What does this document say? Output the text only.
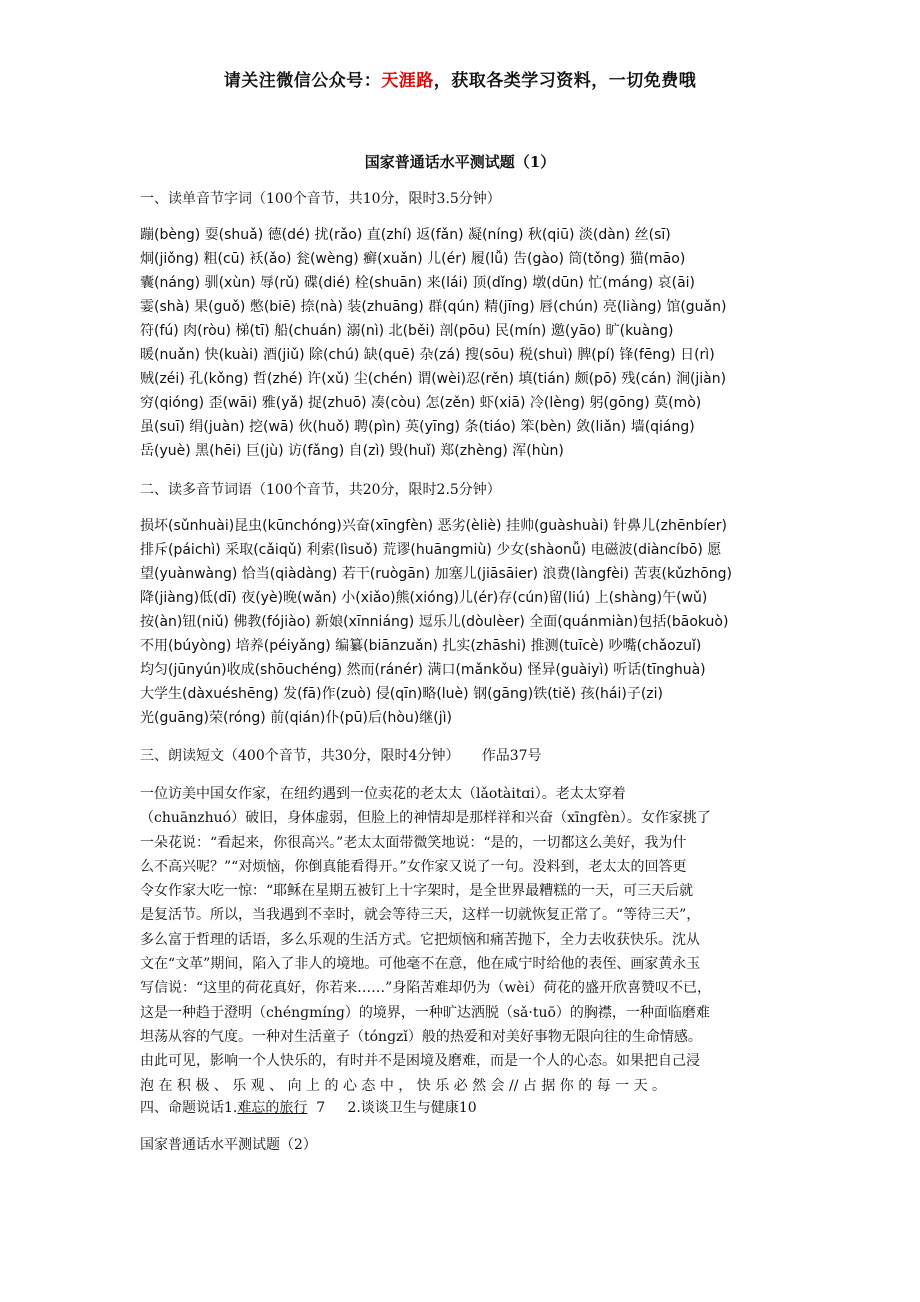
请关注微信公众号：天涯路，获取各类学习资料，一切免费哦
国家普通话水平测试题（1）
一、读单音节字词（100个音节，共10分，限时3.5分钟）
蹦(bèng) 耍(shuǎ) 德(dé) 扰(rǎo) 直(zhí) 返(fǎn) 凝(níng) 秋(qiū) 淡(dàn) 丝(sī)
炯(jiǒng) 粗(cū) 袄(ǎo) 瓮(wèng) 癣(xuǎn) 儿(ér) 履(lǚ) 告(gào) 筒(tǒng) 猫(māo)
囊(náng) 驯(xùn) 辱(rǔ) 碟(dié) 栓(shuān) 来(lái) 顶(dǐng) 墩(dūn) 忙(máng) 哀(āi)
霎(shà) 果(guǒ) 憋(biē) 捺(nà) 装(zhuāng) 群(qún) 精(jīng) 唇(chún) 亮(liàng) 馆(guǎn)
符(fú) 肉(ròu) 梯(tī) 船(chuán) 溺(nì) 北(běi) 剖(pōu) 民(mín) 邀(yāo) 旷(kuàng)
暖(nuǎn) 快(kuài) 酒(jiǔ) 除(chú) 缺(quē) 杂(zá) 搜(sōu) 税(shuì) 脾(pí) 锋(fēng) 日(rì)
贼(zéi) 孔(kǒng) 哲(zhé) 许(xǔ) 尘(chén) 谓(wèi)忍(rěn) 填(tián) 颇(pō) 残(cán) 涧(jiàn)
穷(qióng) 歪(wāi) 雅(yǎ) 捉(zhuō) 凑(còu) 怎(zěn) 虾(xiā) 冷(lèng) 躬(gōng) 莫(mò)
虽(suī) 绢(juàn) 挖(wā) 伙(huǒ) 聘(pìn) 英(yīng) 条(tiáo) 笨(bèn) 敛(liǎn) 墙(qiáng)
岳(yuè) 黑(hēi) 巨(jù) 访(fǎng) 自(zì) 毁(huǐ) 郑(zhèng) 浑(hùn)
二、读多音节词语（100个音节，共20分，限时2.5分钟）
损坏(sǔnhuài)昆虫(kūnchóng)兴奋(xīngfèn) 恶劣(èliè) 挂帅(guàshuài) 针鼻儿(zhēnbíer)
排斥(páichì) 采取(cǎiqǔ) 利索(lìsuǒ) 荒谬(huāngmiù) 少女(shàonǚ) 电磁波(diàncíbō) 愿
望(yuànwàng) 恰当(qiàdàng) 若干(ruògān) 加塞儿(jiāsāier) 浪费(làngfèi) 苦衷(kǔzhōng)
降(jiàng)低(dī) 夜(yè)晚(wǎn) 小(xiǎo)熊(xióng)儿(ér)存(cún)留(liú) 上(shàng)午(wǔ)
按(àn)钮(niǔ) 佛教(fójiào) 新娘(xīnniáng) 逗乐儿(dòulèer) 全面(quánmiàn)包括(bāokuò)
不用(búyòng) 培养(péiyǎng) 编纂(biānzuǎn) 扎实(zhāshi) 推测(tuīcè) 吵嘴(chǎozuǐ)
均匀(jūnyún)收成(shōuchéng) 然而(ránér) 满口(mǎnkǒu) 怪异(guàiyì) 听话(tīnghuà)
大学生(dàxuéshēng) 发(fā)作(zuò) 侵(qīn)略(luè) 钢(gāng)铁(tiě) 孩(hái)子(zi)
光(guāng)荣(róng) 前(qián)仆(pū)后(hòu)继(jì)
三、朗读短文（400个音节，共30分，限时4分钟） 作品37号
一位访美中国女作家，在纽约遇到一位卖花的老太太（lǎotàitɑi）。老太太穿着
（chuānzhuó）破旧，身体虚弱，但脸上的神情却是那样祥和兴奋（xīnɡfèn）。女作家挑了
一朵花说：“看起来，你很高兴。”老太太面带微笑地说：“是的，一切都这么美好，我为什
么不高兴呢？”“对烦恼，你倒真能看得开。”女作家又说了一句。没料到，老太太的回答更
令女作家大吃一惊：“耶稣在星期五被钉上十字架时，是全世界最糟糕的一天，可三天后就
是复活节。所以，当我遇到不幸时，就会等待三天，这样一切就恢复正常了。“等待三天”，
多么富于哲理的话语，多么乐观的生活方式。它把烦恼和痛苦抛下，全力去收获快乐。沈从
文在“文革”期间，陷入了非人的境地。可他毫不在意，他在咸宁时给他的表侄、画家黄永玉
写信说：“这里的荷花真好，你若来……”身陷苦难却仍为（wèi）荷花的盛开欣喜赞叹不已，
这是一种趋于澄明（chénɡmínɡ）的境界，一种旷达洒脱（sǎ·tuō）的胸襟，一种面临磨难
坦荡从容的气度。一种对生活童子（tónɡzǐ）般的热爱和对美好事物无限向往的生命情感。
由此可见，影响一个人快乐的，有时并不是困境及磨难，而是一个人的心态。如果把自己浸
泡 在 积 极 、 乐 观 、 向 上 的 心 态 中 ， 快 乐 必 然 会 // 占 据 你 的 每 一 天 。
四、命题说话1.难忘的旅行 7 2.谈谈卫生与健康10
国家普通话水平测试题（2）
